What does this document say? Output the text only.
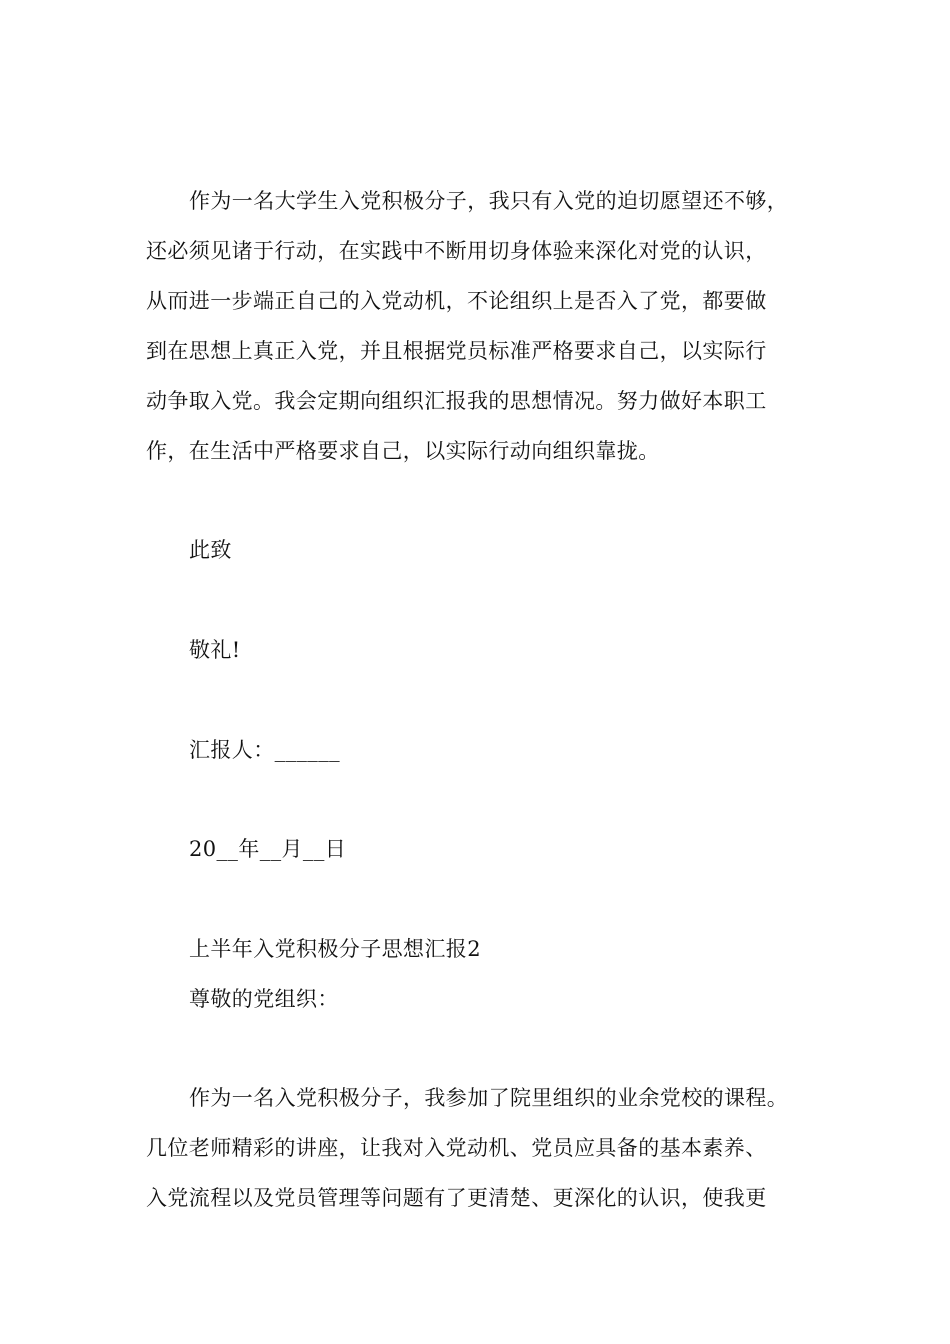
作为一名大学生入党积极分子，我只有入党的迫切愿望还不够，
还必须见诸于行动，在实践中不断用切身体验来深化对党的认识，
从而进一步端正自己的入党动机，不论组织上是否入了党，都要做
到在思想上真正入党，并且根据党员标准严格要求自己，以实际行
动争取入党。我会定期向组织汇报我的思想情况。努力做好本职工
作，在生活中严格要求自己，以实际行动向组织靠拢。
此致
敬礼!
汇报人：______
20__年__月__日
上半年入党积极分子思想汇报2
尊敬的党组织：
作为一名入党积极分子，我参加了院里组织的业余党校的课程。
几位老师精彩的讲座，让我对入党动机、党员应具备的基本素养、
入党流程以及党员管理等问题有了更清楚、更深化的认识，使我更
